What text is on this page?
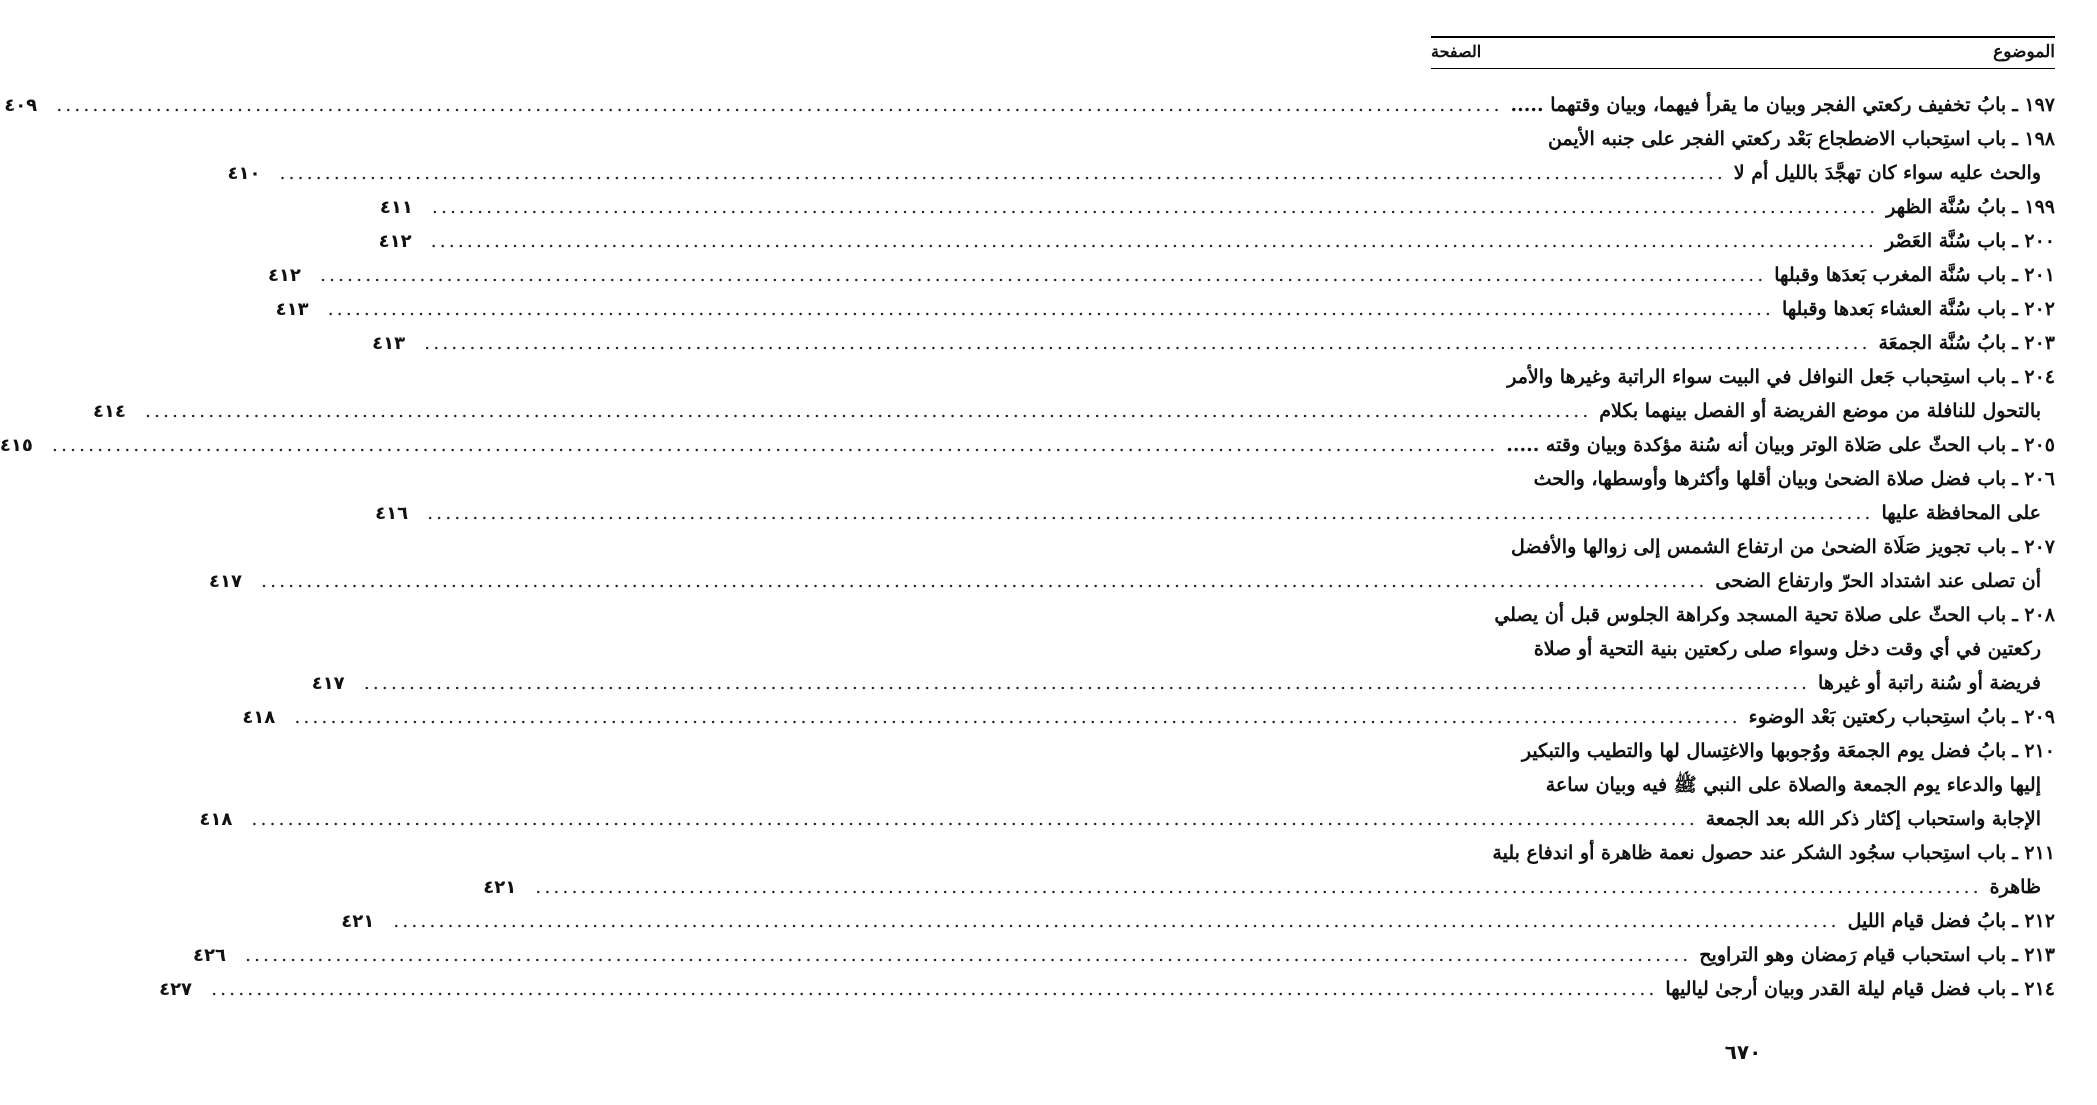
الموضوع
الصفحة
١٩٧ ـ
بابُ تخفيف ركعتي الفجر وبيان ما يقرأ فيهما، وبيان وقتهما .....
.....
٤٠٩
١٩٨ ـ
باب استِحباب الاضطجاع بَعْد ركعتي الفجر على جنبه الأيمن
والحث عليه سواء كان تهجَّدَ بالليل أم لا
.....
٤١٠
١٩٩ ـ
بابُ سُنَّة الظهر
.....
٤١١
٢٠٠ ـ
باب سُنَّة العَصْر
.....
٤١٢
٢٠١ ـ
باب سُنَّة المغرب بَعدَها وقبلها
.....
٤١٢
٢٠٢ ـ
باب سُنَّة العشاء بَعدها وقبلها
.....
٤١٣
٢٠٣ ـ
بابُ سُنَّة الجمعَة
.....
٤١٣
٢٠٤ ـ
باب استِحباب جَعل النوافل في البيت سواء الراتبة وغيرها والأمر
بالتحول للنافلة من موضع الفريضة أو الفصل بينهما بكلام
.....
٤١٤
٢٠٥ ـ
باب الحثّ على صَلاة الوتر وبيان أنه سُنة مؤكدة وبيان وقته .....
.....
٤١٥
٢٠٦ ـ
باب فضل صلاة الضحىٰ وبيان أقلها وأكثرها وأوسطها، والحث
على المحافظة عليها
.....
٤١٦
٢٠٧ ـ
باب تجويز صَلَاة الضحىٰ من ارتفاع الشمس إلى زوالها والأفضل
أن تصلى عند اشتداد الحرّ وارتفاع الضحى
.....
٤١٧
٢٠٨ ـ
باب الحثّ على صلاة تحية المسجد وكراهة الجلوس قبل أن يصلي
ركعتين في أي وقت دخل وسواء صلى ركعتين بنية التحية أو صلاة
فريضة أو سُنة راتبة أو غيرها
.....
٤١٧
٢٠٩ ـ
بابُ استِحباب ركعتين بَعْد الوضوء
.....
٤١٨
٢١٠ ـ
بابُ فضل يوم الجمعَة ووُجوبها والاغتِسال لها والتطيب والتبكير
إليها والدعاء يوم الجمعة والصلاة على النبي ﷺ فيه وبيان ساعة
الإجابة واستحباب إكثار ذكر الله بعد الجمعة
.....
٤١٨
٢١١ ـ
باب استِحباب سجُود الشكر عند حصول نعمة ظاهرة أو اندفاع بلية
ظاهرة
.....
٤٢١
٢١٢ ـ
بابُ فضل قيام الليل
.....
٤٢١
٢١٣ ـ
باب استحباب قيام رَمضان وهو التراويح
.....
٤٢٦
٢١٤ ـ
باب فضل قيام ليلة القدر وبيان أرجىٰ لياليها
.....
٤٢٧
٦٧٠
